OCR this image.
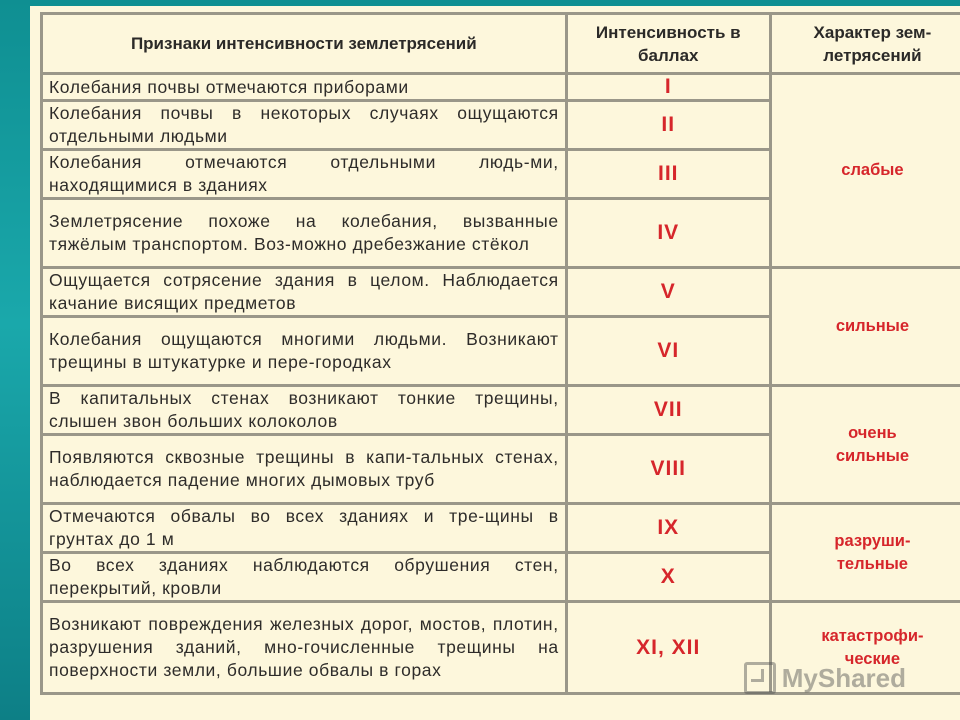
Признаки интенсивности землетрясений	Интенсивность в баллах	Характер зем-летрясений
Колебания почвы отмечаются приборами	I	слабые
Колебания почвы в некоторых случаях ощущаются отдельными людьми	II	
Колебания отмечаются отдельными людь-ми, находящимися в зданиях	III	
Землетрясение похоже на колебания, вызванные тяжёлым транспортом. Воз-можно дребезжание стёкол	IV	
Ощущается сотрясение здания в целом. Наблюдается качание висящих предметов	V	сильные
Колебания ощущаются многими людьми. Возникают трещины в штукатурке и пере-городках	VI	
В капитальных стенах возникают тонкие трещины, слышен звон больших колоколов	VII	очень сильные
Появляются сквозные трещины в капи-тальных стенах, наблюдается падение многих дымовых труб	VIII	
Отмечаются обвалы во всех зданиях и тре-щины в грунтах до 1 м	IX	разруши-тельные
Во всех зданиях наблюдаются обрушения стен, перекрытий, кровли	X	
Возникают повреждения железных дорог, мостов, плотин, разрушения зданий, мно-гочисленные трещины на поверхности земли, большие обвалы в горах	XI, XII	катастрофи-ческие
MyShared
